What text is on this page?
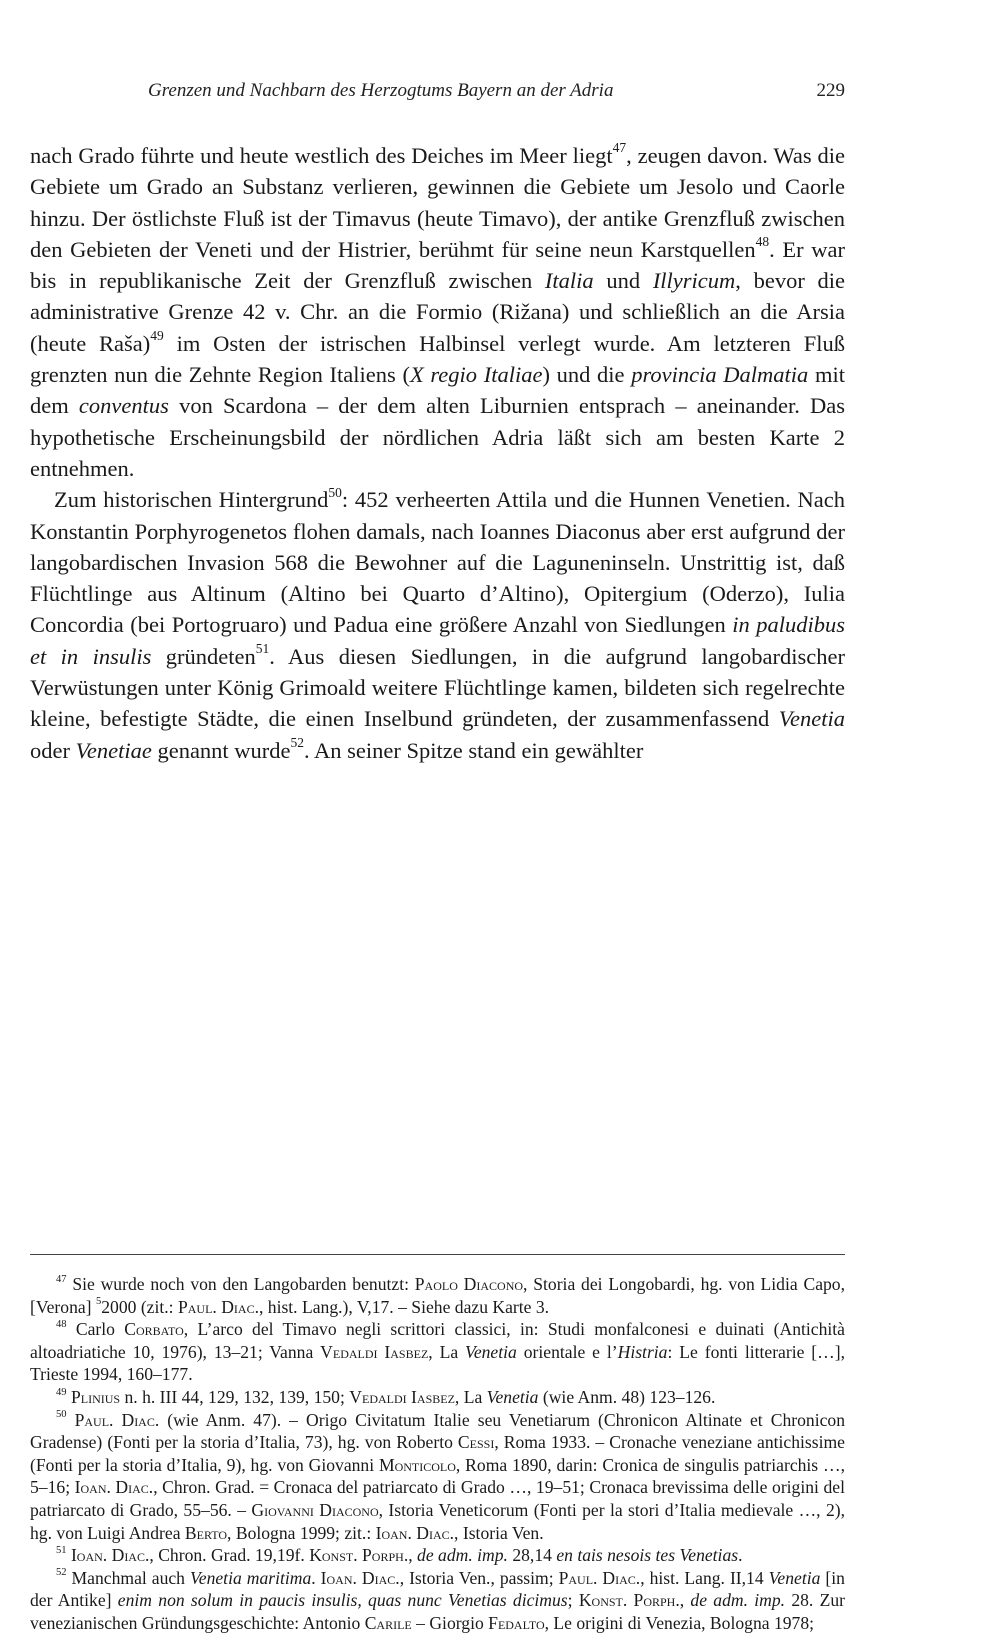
Grenzen und Nachbarn des Herzogtums Bayern an der Adria	229

nach Grado führte und heute westlich des Deiches im Meer liegt$^{47}$, zeugen davon. Was die Gebiete um Grado an Substanz verlieren, gewinnen die Gebiete um Jesolo und Caorle hinzu. Der östlichste Fluß ist der Timavus (heute Timavo), der antike Grenzfluß zwischen den Gebieten der Veneti und der Histrier, berühmt für seine neun Karstquellen$^{48}$. Er war bis in republikanische Zeit der Grenzfluß zwischen Italia und Illyricum, bevor die administrative Grenze 42 v. Chr. an die Formio (Rižana) und schließlich an die Arsia (heute Raša)$^{49}$ im Osten der istrischen Halbinsel verlegt wurde. Am letzteren Fluß grenzten nun die Zehnte Region Italiens (X regio Italiae) und die provincia Dalmatia mit dem conventus von Scardona – der dem alten Liburnien entsprach – aneinander. Das hypothetische Erscheinungsbild der nördlichen Adria läßt sich am besten Karte 2 entnehmen.

Zum historischen Hintergrund$^{50}$: 452 verheerten Attila und die Hunnen Venetien. Nach Konstantin Porphyrogenetos flohen damals, nach Ioannes Diaconus aber erst aufgrund der langobardischen Invasion 568 die Bewohner auf die Laguneninseln. Unstrittig ist, daß Flüchtlinge aus Altinum (Altino bei Quarto d’Altino), Opitergium (Oderzo), Iulia Concordia (bei Portogruaro) und Padua eine größere Anzahl von Siedlungen in paludibus et in insulis gründeten$^{51}$. Aus diesen Siedlungen, in die aufgrund langobardischer Verwüstungen unter König Grimoald weitere Flüchtlinge kamen, bildeten sich regelrechte kleine, befestigte Städte, die einen Inselbund gründeten, der zusammenfassend Venetia oder Venetiae genannt wurde$^{52}$. An seiner Spitze stand ein gewählter

$^{47}$ Sie wurde noch von den Langobarden benutzt: Paolo Diacono, Storia dei Longobardi, hg. von Lidia Capo, [Verona] $^5$2000 (zit.: Paul. Diac., hist. Lang.), V,17. – Siehe dazu Karte 3.

$^{48}$ Carlo Corbato, L’arco del Timavo negli scrittori classici, in: Studi monfalconesi e duinati (Antichità altoadriatiche 10, 1976), 13–21; Vanna Vedaldi Iasbez, La Venetia orientale e l’Histria: Le fonti litterarie […], Trieste 1994, 160–177.

$^{49}$ Plinius n. h. III 44, 129, 132, 139, 150; Vedaldi Iasbez, La Venetia (wie Anm. 48) 123–126.

$^{50}$ Paul. Diac. (wie Anm. 47). – Origo Civitatum Italie seu Venetiarum (Chronicon Altinate et Chronicon Gradense) (Fonti per la storia d’Italia, 73), hg. von Roberto Cessi, Roma 1933. – Cronache veneziane antichissime (Fonti per la storia d’Italia, 9), hg. von Giovanni Monticolo, Roma 1890, darin: Cronica de singulis patriarchis …, 5–16; Ioan. Diac., Chron. Grad. = Cronaca del patriarcato di Grado …, 19–51; Cronaca brevissima delle origini del patriarcato di Grado, 55–56. – Giovanni Diacono, Istoria Veneticorum (Fonti per la stori d’Italia medievale …, 2), hg. von Luigi Andrea Berto, Bologna 1999; zit.: Ioan. Diac., Istoria Ven.

$^{51}$ Ioan. Diac., Chron. Grad. 19,19f. Konst. Porph., de adm. imp. 28,14 en tais nesois tes Venetias.

$^{52}$ Manchmal auch Venetia maritima. Ioan. Diac., Istoria Ven., passim; Paul. Diac., hist. Lang. II,14 Venetia [in der Antike] enim non solum in paucis insulis, quas nunc Venetias dicimus; Konst. Porph., de adm. imp. 28. Zur venezianischen Gründungsgeschichte: Antonio Carile – Giorgio Fedalto, Le origini di Venezia, Bologna 1978;
